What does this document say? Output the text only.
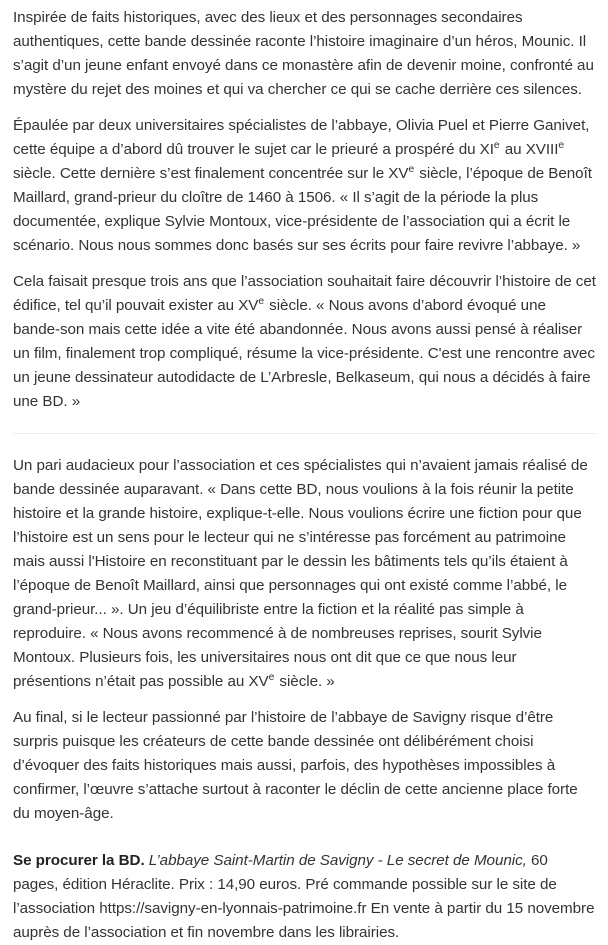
Inspirée de faits historiques, avec des lieux et des personnages secondaires authentiques, cette bande dessinée raconte l’histoire imaginaire d’un héros, Mounic. Il s’agit d’un jeune enfant envoyé dans ce monastère afin de devenir moine, confronté au mystère du rejet des moines et qui va chercher ce qui se cache derrière ces silences.

Épaulée par deux universitaires spécialistes de l’abbaye, Olivia Puel et Pierre Ganivet, cette équipe a d’abord dû trouver le sujet car le prieuré a prospéré du XIe au XVIIIe siècle. Cette dernière s’est finalement concentrée sur le XVe siècle, l’époque de Benoît Maillard, grand-prieur du cloître de 1460 à 1506. « Il s’agit de la période la plus documentée, explique Sylvie Montoux, vice-présidente de l’association qui a écrit le scénario. Nous nous sommes donc basés sur ses écrits pour faire revivre l’abbaye. »

Cela faisait presque trois ans que l’association souhaitait faire découvrir l’histoire de cet édifice, tel qu’il pouvait exister au XVe siècle. « Nous avons d’abord évoqué une bande-son mais cette idée a vite été abandonnée. Nous avons aussi pensé à réaliser un film, finalement trop compliqué, résume la vice-présidente. C'est une rencontre avec un jeune dessinateur autodidacte de L’Arbresle, Belkaseum, qui nous a décidés à faire une BD. »

Un pari audacieux pour l’association et ces spécialistes qui n’avaient jamais réalisé de bande dessinée auparavant. « Dans cette BD, nous voulions à la fois réunir la petite histoire et la grande histoire, explique-t-elle. Nous voulions écrire une fiction pour que l’histoire est un sens pour le lecteur qui ne s’intéresse pas forcément au patrimoine mais aussi l'Histoire en reconstituant par le dessin les bâtiments tels qu’ils étaient à l’époque de Benoît Maillard, ainsi que personnages qui ont existé comme l’abbé, le grand-prieur... ». Un jeu d’équilibriste entre la fiction et la réalité pas simple à reproduire. « Nous avons recommencé à de nombreuses reprises, sourit Sylvie Montoux. Plusieurs fois, les universitaires nous ont dit que ce que nous leur présentions n’était pas possible au XVe siècle. »

Au final, si le lecteur passionné par l’histoire de l’abbaye de Savigny risque d’être surpris puisque les créateurs de cette bande dessinée ont délibérément choisi d’évoquer des faits historiques mais aussi, parfois, des hypothèses impossibles à confirmer, l’œuvre s’attache surtout à raconter le déclin de cette ancienne place forte du moyen-âge.

Se procurer la BD. L’abbaye Saint-Martin de Savigny - Le secret de Mounic, 60 pages, édition Héraclite. Prix : 14,90 euros. Pré commande possible sur le site de l’association https://savigny-en-lyonnais-patrimoine.fr En vente à partir du 15 novembre auprès de l’association et fin novembre dans les librairies.
